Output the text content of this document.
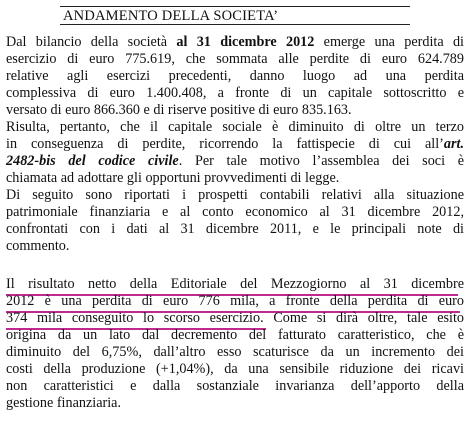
ANDAMENTO DELLA SOCIETA’
Dal bilancio della società al 31 dicembre 2012 emerge una perdita di
esercizio di euro 775.619, che sommata alle perdite di euro 624.789
relative agli esercizi precedenti, danno luogo ad una perdita
complessiva di euro 1.400.408, a fronte di un capitale sottoscritto e
versato di euro 866.360 e di riserve positive di euro 835.163.
Risulta, pertanto, che il capitale sociale è diminuito di oltre un terzo
in conseguenza di perdite, ricorrendo la fattispecie di cui all’art.
2482-bis del codice civile. Per tale motivo l’assemblea dei soci è
chiamata ad adottare gli opportuni provvedimenti di legge.
Di seguito sono riportati i prospetti contabili relativi alla situazione
patrimoniale finanziaria e al conto economico al 31 dicembre 2012,
confrontati con i dati al 31 dicembre 2011, e le principali note di
commento.
Il risultato netto della Editoriale del Mezzogiorno al 31 dicembre
2012 è una perdita di euro 776 mila, a fronte della perdita di euro
374 mila conseguito lo scorso esercizio. Come si dirà oltre, tale esito
origina da un lato dal decremento del fatturato caratteristico, che è
diminuito del 6,75%, dall’altro esso scaturisce da un incremento dei
costi della produzione (+1,04%), da una sensibile riduzione dei ricavi
non caratteristici e dalla sostanziale invarianza dell’apporto della
gestione finanziaria.
